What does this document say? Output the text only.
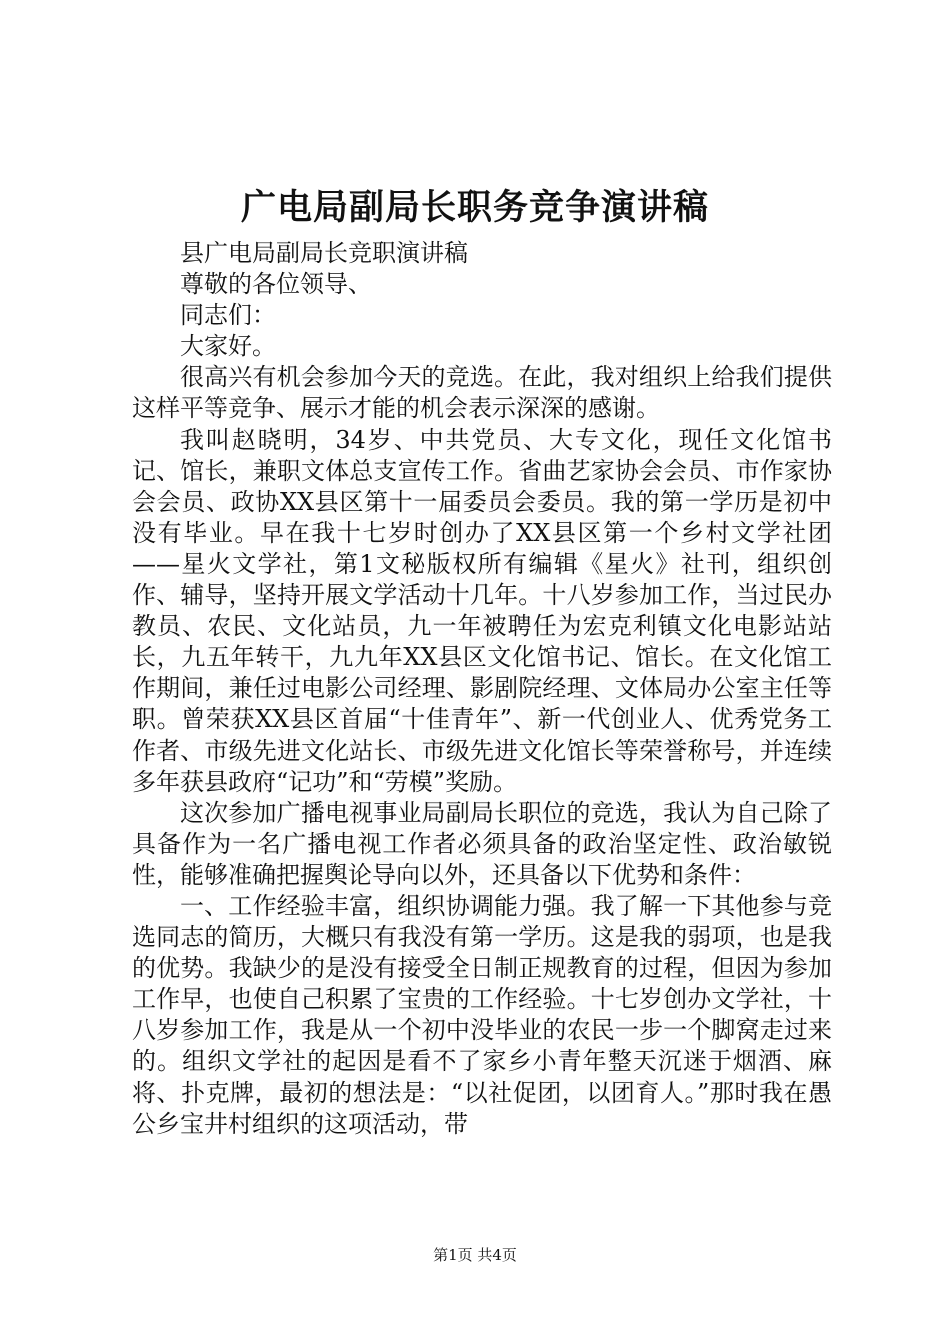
广电局副局长职务竞争演讲稿

县广电局副局长竞职演讲稿

尊敬的各位领导、

同志们：

大家好。

很高兴有机会参加今天的竞选。在此，我对组织上给我们提供这样平等竞争、展示才能的机会表示深深的感谢。

我叫赵晓明，34岁、中共党员、大专文化，现任文化馆书记、馆长，兼职文体总支宣传工作。省曲艺家协会会员、市作家协会会员、政协XX县区第十一届委员会委员。我的第一学历是初中没有毕业。早在我十七岁时创办了XX县区第一个乡村文学社团——星火文学社，第1文秘版权所有编辑《星火》社刊，组织创作、辅导，坚持开展文学活动十几年。十八岁参加工作，当过民办教员、农民、文化站员，九一年被聘任为宏克利镇文化电影站站长，九五年转干，九九年XX县区文化馆书记、馆长。在文化馆工作期间，兼任过电影公司经理、影剧院经理、文体局办公室主任等职。曾荣获XX县区首届“十佳青年”、新一代创业人、优秀党务工作者、市级先进文化站长、市级先进文化馆长等荣誉称号，并连续多年获县政府“记功”和“劳模”奖励。

这次参加广播电视事业局副局长职位的竞选，我认为自己除了具备作为一名广播电视工作者必须具备的政治坚定性、政治敏锐性，能够准确把握舆论导向以外，还具备以下优势和条件：

一、工作经验丰富，组织协调能力强。我了解一下其他参与竞选同志的简历，大概只有我没有第一学历。这是我的弱项，也是我的优势。我缺少的是没有接受全日制正规教育的过程，但因为参加工作早，也使自己积累了宝贵的工作经验。十七岁创办文学社，十八岁参加工作，我是从一个初中没毕业的农民一步一个脚窝走过来的。组织文学社的起因是看不了家乡小青年整天沉迷于烟酒、麻将、扑克牌，最初的想法是：“以社促团，以团育人。”那时我在愚公乡宝井村组织的这项活动，带

第1页 共4页
